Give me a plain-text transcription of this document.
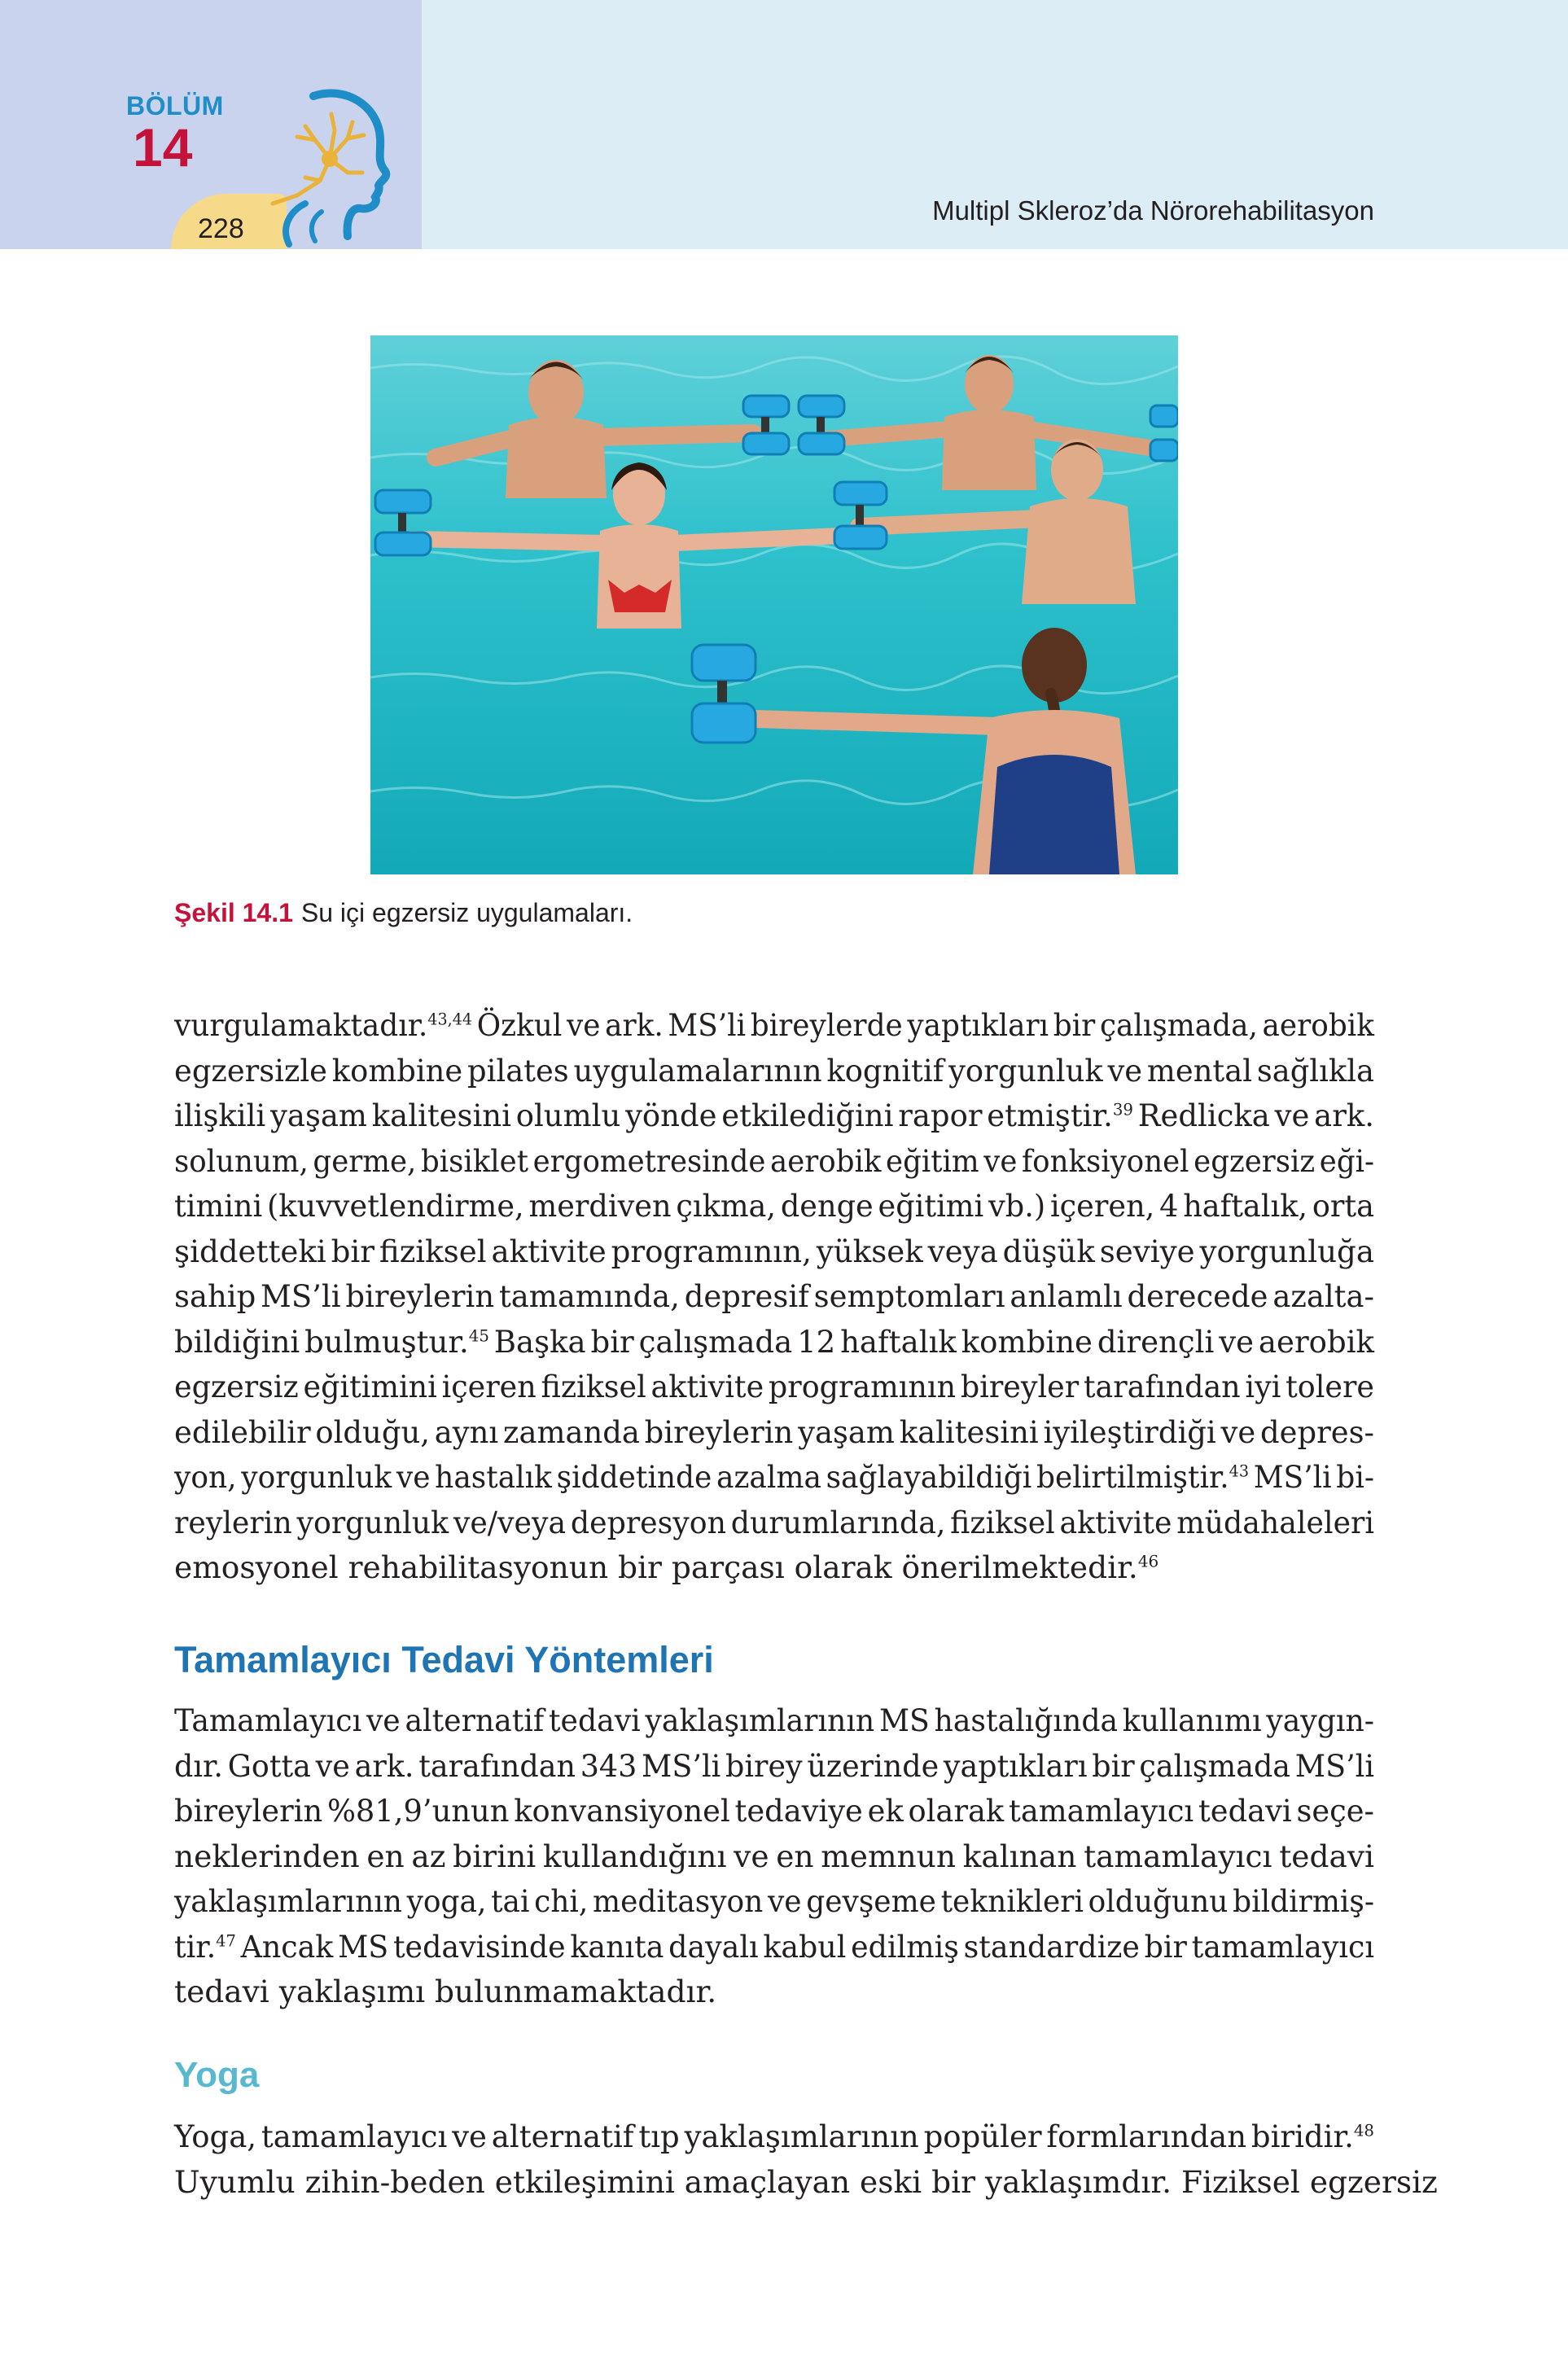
BÖLÜM
14
228
Multipl Skleroz’da Nörorehabilitasyon
Şekil 14.1 Su içi egzersiz uygulamaları.
vurgulamaktadır.$^{43,44}$ Özkul ve ark. MS’li bireylerde yaptıkları bir çalışmada, aerobik
egzersizle kombine pilates uygulamalarının kognitif yorgunluk ve mental sağlıkla
ilişkili yaşam kalitesini olumlu yönde etkilediğini rapor etmiştir.$^{39}$ Redlicka ve ark.
solunum, germe, bisiklet ergometresinde aerobik eğitim ve fonksiyonel egzersiz eği-
timini (kuvvetlendirme, merdiven çıkma, denge eğitimi vb.) içeren, 4 haftalık, orta
şiddetteki bir fiziksel aktivite programının, yüksek veya düşük seviye yorgunluğa
sahip MS’li bireylerin tamamında, depresif semptomları anlamlı derecede azalta-
bildiğini bulmuştur.$^{45}$ Başka bir çalışmada 12 haftalık kombine dirençli ve aerobik
egzersiz eğitimini içeren fiziksel aktivite programının bireyler tarafından iyi tolere
edilebilir olduğu, aynı zamanda bireylerin yaşam kalitesini iyileştirdiği ve depres-
yon, yorgunluk ve hastalık şiddetinde azalma sağlayabildiği belirtilmiştir.$^{43}$ MS’li bi-
reylerin yorgunluk ve/veya depresyon durumlarında, fiziksel aktivite müdahaleleri
emosyonel rehabilitasyonun bir parçası olarak önerilmektedir.$^{46}$
Tamamlayıcı Tedavi Yöntemleri
Tamamlayıcı ve alternatif tedavi yaklaşımlarının MS hastalığında kullanımı yaygın-
dır. Gotta ve ark. tarafından 343 MS’li birey üzerinde yaptıkları bir çalışmada MS’li
bireylerin %81,9’unun konvansiyonel tedaviye ek olarak tamamlayıcı tedavi seçe-
neklerinden en az birini kullandığını ve en memnun kalınan tamamlayıcı tedavi
yaklaşımlarının yoga, tai chi, meditasyon ve gevşeme teknikleri olduğunu bildirmiş-
tir.$^{47}$ Ancak MS tedavisinde kanıta dayalı kabul edilmiş standardize bir tamamlayıcı
tedavi yaklaşımı bulunmamaktadır.
Yoga
Yoga, tamamlayıcı ve alternatif tıp yaklaşımlarının popüler formlarından biridir.$^{48}$
Uyumlu zihin-beden etkileşimini amaçlayan eski bir yaklaşımdır. Fiziksel egzersiz
